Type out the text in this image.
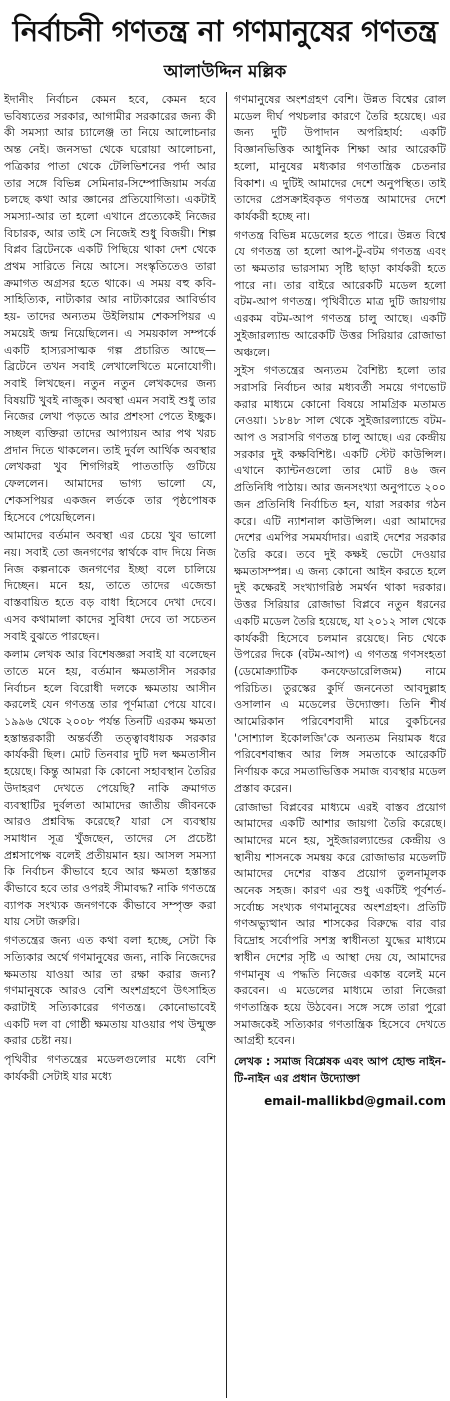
নির্বাচনী গণতন্ত্র না গণমানুষের গণতন্ত্র
আলাউদ্দিন মল্লিক

ইদানীং নির্বাচন কেমন হবে, কেমন হবে ভবিষ্যতের সরকার, আগামীর সরকারের জন্য কী কী সমস্যা আর চ্যালেঞ্জ তা নিয়ে আলোচনার অন্ত নেই। জনসভা থেকে ঘরোয়া আলোচনা, পত্রিকার পাতা থেকে টেলিভিশনের পর্দা আর তার সঙ্গে বিভিন্ন সেমিনার-সিম্পোজিয়াম সর্বত্র চলছে কথা আর জ্ঞানের প্রতিযোগিতা। একটাই সমস্যা-আর তা হলো এখানে প্রত্যেকেই নিজের বিচারক, আর তাই সে নিজেই শুধু বিজয়ী। শিল্প বিপ্লব ব্রিটেনকে একটি পিছিয়ে থাকা দেশ থেকে প্রথম সারিতে নিয়ে আসে। সংস্কৃতিতেও তারা ক্রমাগত অগ্রসর হতে থাকে। এ সময় বহু কবি-সাহিত্যিক, নাট্যকার আর নাট্যকারের আবির্ভাব হয়- তাদের অন্যতম উইলিয়াম শেকসপিয়র এ সময়েই জন্ম নিয়েছিলেন। এ সময়কাল সম্পর্কে একটি হাস্যরসাত্মক গল্প প্রচারিত আছে— ব্রিটেনে তখন সবাই লেখালেখিতে মনোযোগী। সবাই লিখছেন। নতুন নতুন লেখকদের জন্য বিষয়টি খুবই নাজুক। অবস্থা এমন সবাই শুধু তার নিজের লেখা পড়তে আর প্রশংসা পেতে ইচ্ছুক। সচ্ছল ব্যক্তিরা তাদের আপ্যায়ন আর পথ খরচ প্রদান দিতে থাকলেন। তাই দুর্বল আর্থিক অবস্থার লেখকরা খুব শিগগিরই পাততাড়ি গুটিয়ে ফেললেন। আমাদের ভাগ্য ভালো যে, শেকসপিয়র একজন লর্ডকে তার পৃষ্ঠপোষক হিসেবে পেয়েছিলেন।

আমাদের বর্তমান অবস্থা এর চেয়ে খুব ভালো নয়। সবাই তো জনগণের স্বার্থকে বাদ দিয়ে নিজ নিজ কল্পনাকে জনগণের ইচ্ছা বলে চালিয়ে দিচ্ছেন। মনে হয়, তাতে তাদের এজেন্ডা বাস্তবায়িত হতে বড় বাধা হিসেবে দেখা দেবে। এসব কথামালা কাদের সুবিধা দেবে তা সচেতন সবাই বুঝতে পারছেন।

কলাম লেখক আর বিশেষজ্ঞরা সবাই যা বলেছেন তাতে মনে হয়, বর্তমান ক্ষমতাসীন সরকার নির্বাচন হলে বিরোধী দলকে ক্ষমতায় আসীন করলেই যেন গণতন্ত্র তার পূর্ণমাত্রা পেয়ে যাবে। ১৯৯৬ থেকে ২০০৮ পর্যন্ত তিনটি এরকম ক্ষমতা হস্তান্তরকারী অন্তর্বর্তী তত্ত্বাবধায়ক সরকার কার্যকরী ছিল। মোট তিনবার দুটি দল ক্ষমতাসীন হয়েছে। কিন্তু আমরা কি কোনো সহাবস্থান তৈরির উদাহরণ দেখতে পেয়েছি? নাকি ক্রমাগত ব্যবস্থাটির দুর্বলতা আমাদের জাতীয় জীবনকে আরও প্রশ্নবিদ্ধ করেছে? যারা সে ব্যবস্থায় সমাধান সূত্র খুঁজছেন, তাদের সে প্রচেষ্টা প্রশ্নসাপেক্ষ বলেই প্রতীয়মান হয়। আসল সমস্যা কি নির্বাচন কীভাবে হবে আর ক্ষমতা হস্তান্তর কীভাবে হবে তার ওপরই সীমাবদ্ধ? নাকি গণতন্ত্রে ব্যাপক সংখ্যক জনগণকে কীভাবে সম্পৃক্ত করা যায় সেটা জরুরি।

গণতন্ত্রের জন্য এত কথা বলা হচ্ছে, সেটা কি সত্যিকার অর্থে গণমানুষের জন্য, নাকি নিজেদের ক্ষমতায় যাওয়া আর তা রক্ষা করার জন্য? গণমানুষকে আরও বেশি অংশগ্রহণে উৎসাহিত করাটাই সত্যিকারের গণতন্ত্র। কোনোভাবেই একটি দল বা গোষ্ঠী ক্ষমতায় যাওয়ার পথ উন্মুক্ত করার চেষ্টা নয়।

পৃথিবীর গণতন্ত্রের মডেলগুলোর মধ্যে বেশি কার্যকরী সেটাই যার মধ্যে

গণমানুষের অংশগ্রহণ বেশি। উন্নত বিশ্বের রোল মডেল দীর্ঘ পথচলার কারণে তৈরি হয়েছে। এর জন্য দুটি উপাদান অপরিহার্য: একটি বিজ্ঞানভিত্তিক আধুনিক শিক্ষা আর আরেকটি হলো, মানুষের মধ্যকার গণতান্ত্রিক চেতনার বিকাশ। এ দুটিই আমাদের দেশে অনুপস্থিত। তাই তাদের প্রেসক্রাইবকৃত গণতন্ত্র আমাদের দেশে কার্যকরী হচ্ছে না।

গণতন্ত্র বিভিন্ন মডেলের হতে পারে। উন্নত বিশ্বে যে গণতন্ত্র তা হলো আপ-টু-বটম গণতন্ত্র এবং তা ক্ষমতার ভারসাম্য সৃষ্টি ছাড়া কার্যকরী হতে পারে না। তার বাইরে আরেকটি মডেল হলো বটম-আপ গণতন্ত্র। পৃথিবীতে মাত্র দুটি জায়গায় এরকম বটম-আপ গণতন্ত্র চালু আছে। একটি সুইজারল্যান্ড আরেকটি উত্তর সিরিয়ার রোজাভা অঞ্চলে।

সুইস গণতন্ত্রের অন্যতম বৈশিষ্ট্য হলো তার সরাসরি নির্বাচন আর মধ্যবর্তী সময়ে গণভোট করার মাধ্যমে কোনো বিষয়ে সামগ্রিক মতামত নেওয়া। ১৮৪৮ সাল থেকে সুইজারল্যান্ডে বটম-আপ ও সরাসরি গণতন্ত্র চালু আছে। এর কেন্দ্রীয় সরকার দুই কক্ষবিশিষ্ট। একটি স্টেট কাউন্সিল। এখানে ক্যান্টনগুলো তার মোট ৪৬ জন প্রতিনিধি পাঠায়। আর জনসংখ্যা অনুপাতে ২০০ জন প্রতিনিধি নির্বাচিত হন, যারা সরকার গঠন করে। এটি ন্যাশনাল কাউন্সিল। এরা আমাদের দেশের এমপির সমমর্যাদার। এরাই দেশের সরকার তৈরি করে। তবে দুই কক্ষই ভেটো দেওয়ার ক্ষমতাসম্পন্ন। এ জন্য কোনো আইন করতে হলে দুই কক্ষেরই সংখ্যাগরিষ্ঠ সমর্থন থাকা দরকার। উত্তর সিরিয়ার রোজাভা বিপ্লবে নতুন ধরনের একটি মডেল তৈরি হয়েছে, যা ২০১২ সাল থেকে কার্যকরী হিসেবে চলমান রয়েছে। নিচ থেকে উপরের দিকে (বটম-আপ) এ গণতন্ত্র গণসংহতা (ডেমোক্র্যাটিক কনফেডারেলিজম) নামে পরিচিত। তুরস্কের কুর্দি জননেতা আবদুল্লাহ ওসালান এ মডেলের উদ্যোক্তা। তিনি শীর্ষ আমেরিকান পরিবেশবাদী মারে বুকচিনের 'সোশ্যাল ইকোলজি'কে অন্যতম নিয়ামক ধরে পরিবেশবান্ধব আর লিঙ্গ সমতাকে আরেকটি নির্ণায়ক করে সমতাভিত্তিক সমাজ ব্যবস্থার মডেল প্রস্তাব করেন।

রোজাভা বিপ্লবের মাধ্যমে এরই বাস্তব প্রয়োগ আমাদের একটি আশার জায়গা তৈরি করেছে। আমাদের মনে হয়, সুইজারল্যান্ডের কেন্দ্রীয় ও স্থানীয় শাসনকে সমন্বয় করে রোজাভার মডেলটি আমাদের দেশের বাস্তব প্রয়োগ তুলনামূলক অনেক সহজ। কারণ এর শুধু একটিই পূর্বশর্ত- সর্বোচ্চ সংখ্যক গণমানুষের অংশগ্রহণ। প্রতিটি গণঅভ্যুত্থান আর শাসকের বিরুদ্ধে বার বার বিদ্রোহ সর্বোপরি সশস্ত্র স্বাধীনতা যুদ্ধের মাধ্যমে স্বাধীন দেশের সৃষ্টি এ আস্থা দেয় যে, আমাদের গণমানুষ এ পদ্ধতি নিজের একান্ত বলেই মনে করবেন। এ মডেলের মাধ্যমে তারা নিজেরা গণতান্ত্রিক হয়ে উঠবেন। সঙ্গে সঙ্গে তারা পুরো সমাজকেই সত্যিকার গণতান্ত্রিক হিসেবে দেখতে আগ্রহী হবেন।

লেখক : সমাজ বিশ্লেষক এবং আপ হোল্ড নাইন-টি-নাইন এর প্রধান উদ্যোক্তা

email-mallikbd@gmail.com
